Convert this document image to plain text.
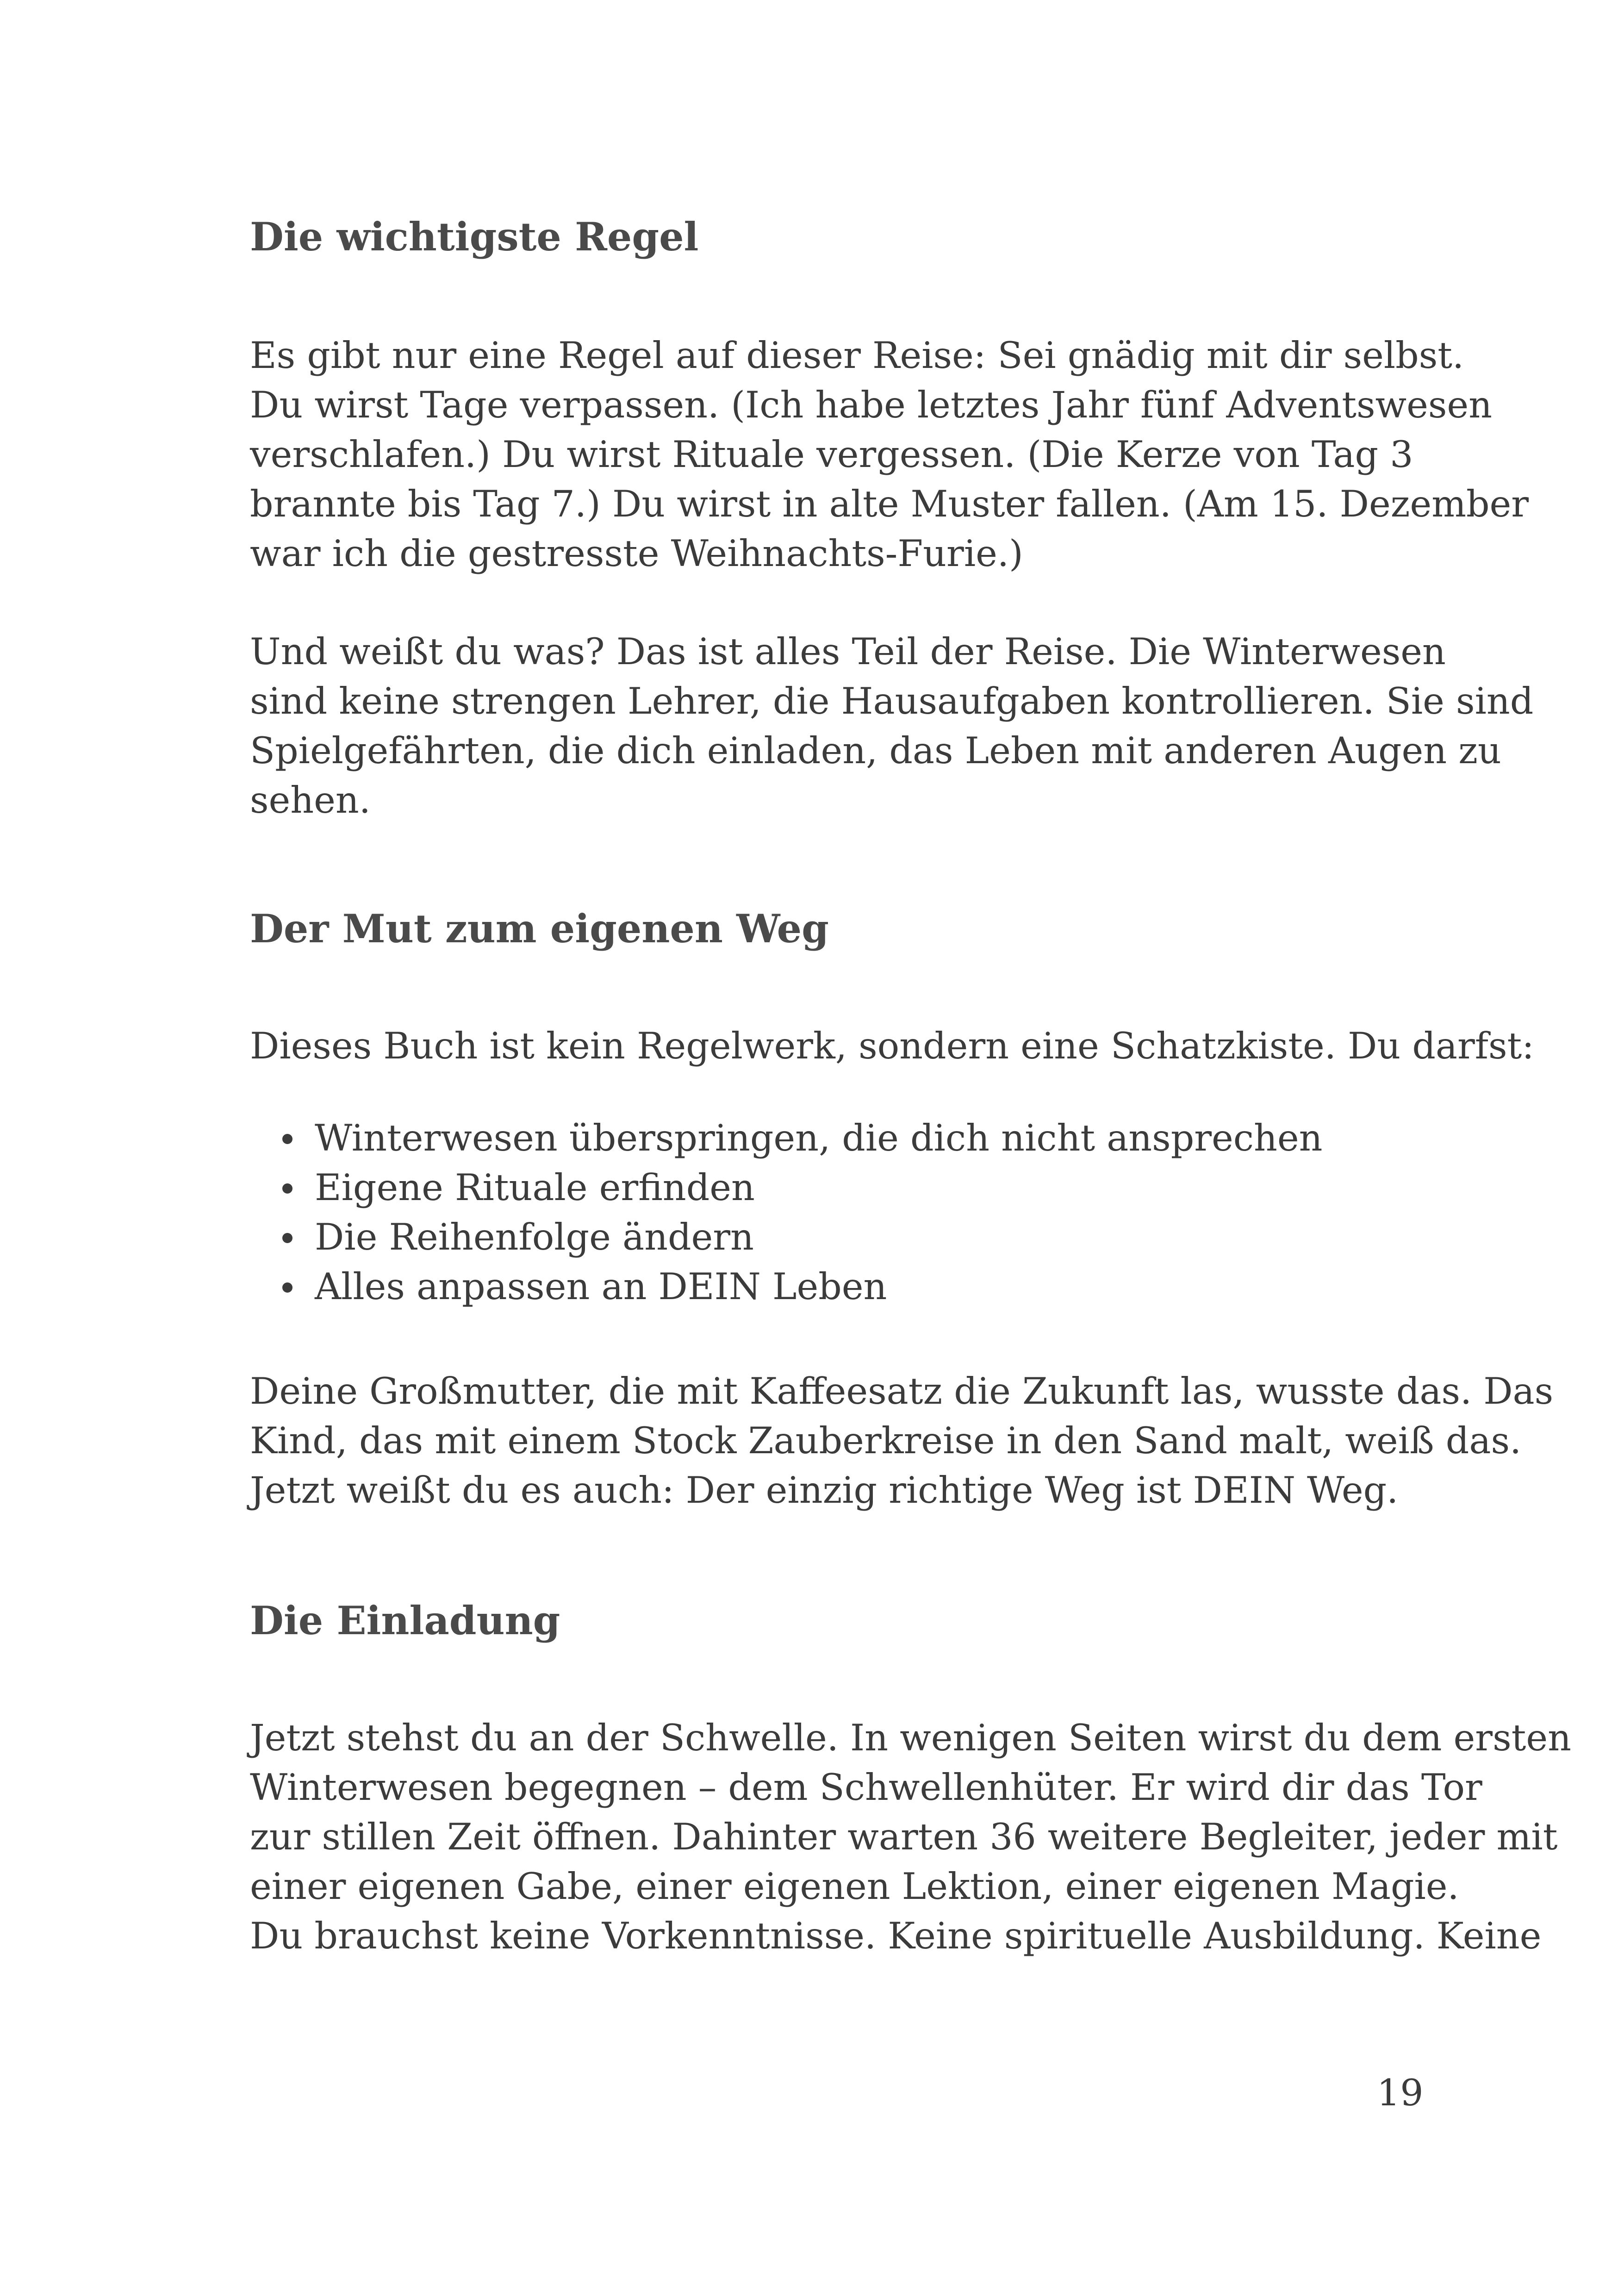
Die wichtigste Regel

Es gibt nur eine Regel auf dieser Reise: Sei gnädig mit dir selbst.
Du wirst Tage verpassen. (Ich habe letztes Jahr fünf Adventswesen
verschlafen.) Du wirst Rituale vergessen. (Die Kerze von Tag 3
brannte bis Tag 7.) Du wirst in alte Muster fallen. (Am 15. Dezember
war ich die gestresste Weihnachts-Furie.)

Und weißt du was? Das ist alles Teil der Reise. Die Winterwesen
sind keine strengen Lehrer, die Hausaufgaben kontrollieren. Sie sind
Spielgefährten, die dich einladen, das Leben mit anderen Augen zu
sehen.

Der Mut zum eigenen Weg

Dieses Buch ist kein Regelwerk, sondern eine Schatzkiste. Du darfst:

Winterwesen überspringen, die dich nicht ansprechen
Eigene Rituale erfinden
Die Reihenfolge ändern
Alles anpassen an DEIN Leben

Deine Großmutter, die mit Kaffeesatz die Zukunft las, wusste das. Das
Kind, das mit einem Stock Zauberkreise in den Sand malt, weiß das.
Jetzt weißt du es auch: Der einzig richtige Weg ist DEIN Weg.

Die Einladung

Jetzt stehst du an der Schwelle. In wenigen Seiten wirst du dem ersten
Winterwesen begegnen – dem Schwellenhüter. Er wird dir das Tor
zur stillen Zeit öffnen. Dahinter warten 36 weitere Begleiter, jeder mit
einer eigenen Gabe, einer eigenen Lektion, einer eigenen Magie.
Du brauchst keine Vorkenntnisse. Keine spirituelle Ausbildung. Keine

19
